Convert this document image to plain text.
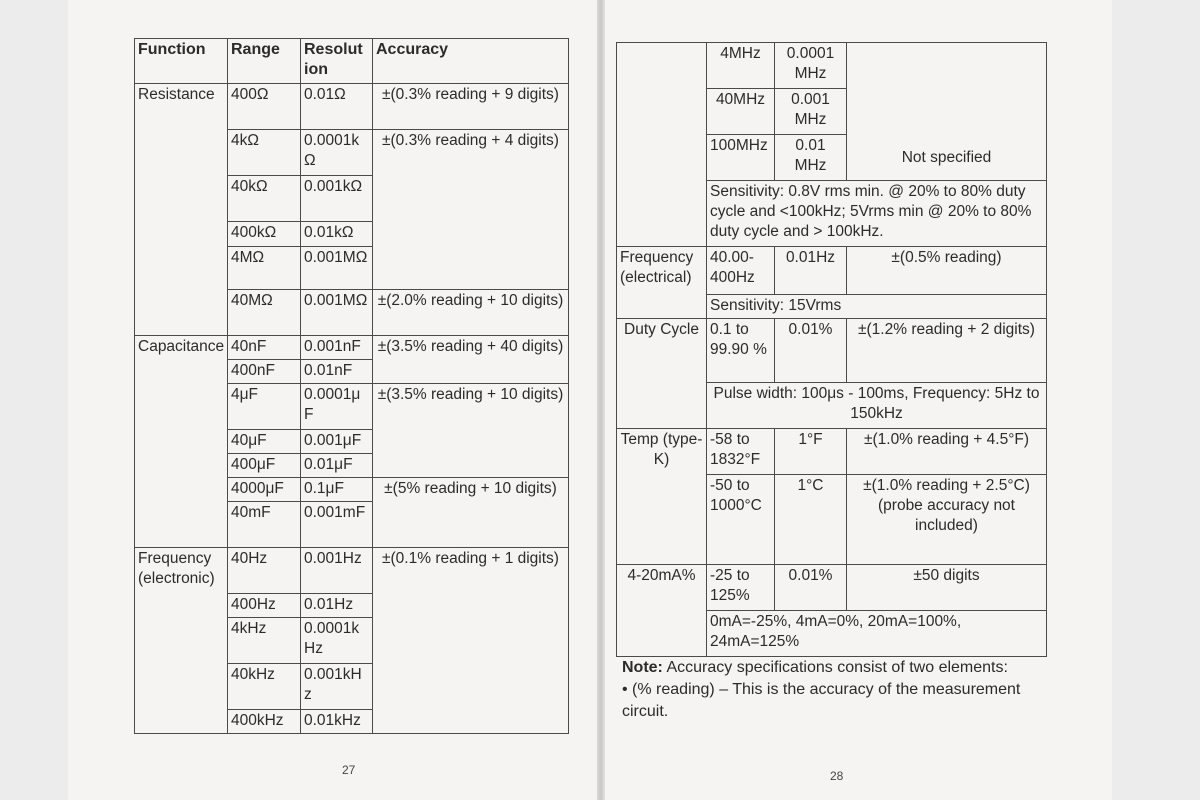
Function	Range	Resolut ion	Accuracy
Resistance	400Ω	0.01Ω	±(0.3% reading + 9 digits)
	4kΩ	0.0001kΩ	±(0.3% reading + 4 digits)
	40kΩ	0.001kΩ	
	400kΩ	0.01kΩ	
	4MΩ	0.001MΩ	
	40MΩ	0.001MΩ	±(2.0% reading + 10 digits)
Capacitance	40nF	0.001nF	±(3.5% reading + 40 digits)
	400nF	0.01nF	
	4μF	0.0001μF	±(3.5% reading + 10 digits)
	40μF	0.001μF	
	400μF	0.01μF	
	4000μF	0.1μF	±(5% reading + 10 digits)
	40mF	0.001mF	
Frequency (electronic)	40Hz	0.001Hz	±(0.1% reading + 1 digits)
	400Hz	0.01Hz	
	4kHz	0.0001kHz	
	40kHz	0.001kHz	
	400kHz	0.01kHz	
27
	4MHz	0.0001 MHz	Not specified
	40MHz	0.001 MHz	
	100MHz	0.01 MHz	
	Sensitivity: 0.8V rms min. @ 20% to 80% duty cycle and <100kHz; 5Vrms min @ 20% to 80% duty cycle and > 100kHz.		
Frequency (electrical)	40.00-400Hz	0.01Hz	±(0.5% reading)
	Sensitivity: 15Vrms		
Duty Cycle	0.1 to 99.90 %	0.01%	±(1.2% reading + 2 digits)
	Pulse width: 100μs - 100ms, Frequency: 5Hz to 150kHz		
Temp (type-K)	-58 to 1832°F	1°F	±(1.0% reading + 4.5°F)
	-50 to 1000°C	1°C	±(1.0% reading + 2.5°C)
(probe accuracy not included)

4-20mA%	-25 to 125%	0.01%	±50 digits
	0mA=-25%, 4mA=0%, 20mA=100%, 24mA=125%		
Note: Accuracy specifications consist of two elements:
• (% reading) – This is the accuracy of the measurement circuit.
28
